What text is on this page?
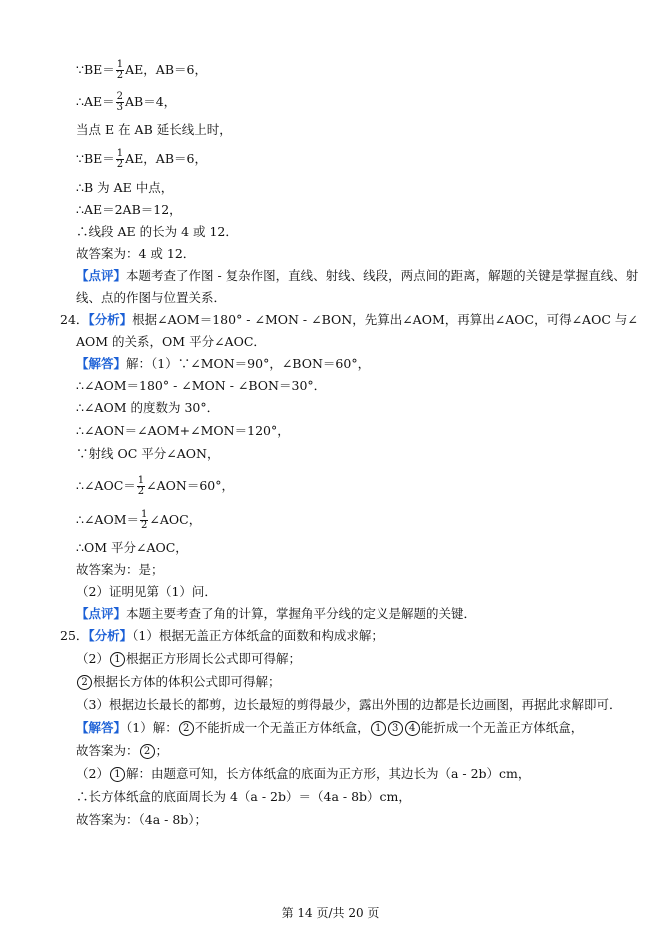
∵BE＝ $\frac{1}{2}$ AE，AB＝6，
∴AE＝ $\frac{2}{3} AB=4$，
当点 E 在 AB 延长线上时，
∵BE＝ $\frac{1}{2}$ AE，AB＝6，
∴B 为 AE 中点，
∴AE＝2AB＝12，
∴线段 AE 的长为 4 或 12．
故答案为：4 或 12．
【点评】本题考查了作图 - 复杂作图，直线、射线、线段，两点间的距离，解题的关键是掌握直线、射
线、点的作图与位置关系．
24．【分析】根据∠AOM＝180° - ∠MON - ∠BON，先算出∠AOM，再算出∠AOC，可得∠AOC 与∠
AOM 的关系，OM 平分∠AOC．
【解答】解：（1）∵∠MON＝90°，∠BON＝60°，
∴∠AOM＝180° - ∠MON - ∠BON＝30°．
∴∠AOM 的度数为 30°．
∴∠AON＝∠AOM+∠MON＝120°，
∵射线 OC 平分∠AON，
∴∠AOC＝ $\frac{1}{2}$ ∠AON＝60°，
∴∠AOM＝ $\frac{1}{2}$ ∠AOC，
∴OM 平分∠AOC，
故答案为：是；
（2）证明见第（1）问．
【点评】本题主要考查了角的计算，掌握角平分线的定义是解题的关键．
25．【分析】（1）根据无盖正方体纸盒的面数和构成求解；
（2） 1 根据正方形周长公式即可得解；
2 根据长方体的体积公式即可得解；
（3）根据边长最长的都剪，边长最短的剪得最少，露出外围的边都是长边画图，再据此求解即可．
【解答】（1）解： 2 不能折成一个无盖正方体纸盒， 1 3 4 能折成一个无盖正方体纸盒，
故答案为： 2 ；
（2） 1 解：由题意可知，长方体纸盒的底面为正方形，其边长为（a - 2b）cm，
∴长方体纸盒的底面周长为 4（a - 2b）＝（4a - 8b）cm，
故答案为：（4a - 8b）；
第 14 页/共 20 页
